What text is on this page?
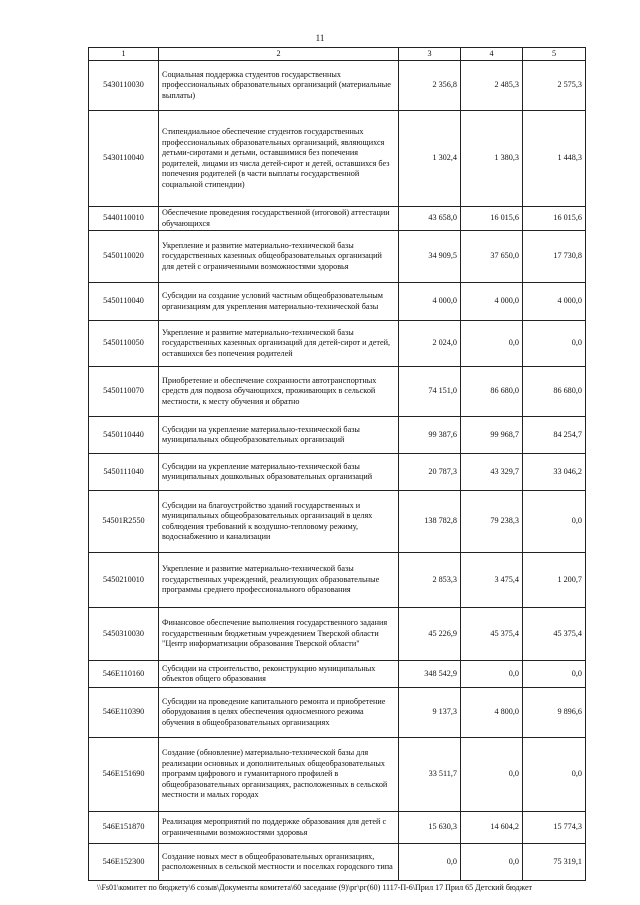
11
1	2	3	4	5
5430110030	Социальная поддержка студентов государственных профессиональных образовательных организаций (материальные выплаты)	2 356,8	2 485,3	2 575,3
5430110040	Стипендиальное обеспечение студентов государственных профессиональных образовательных организаций, являющихся детьми-сиротами и детьми, оставшимися без попечения родителей, лицами из числа детей-сирот и детей, оставшихся без попечения родителей (в части выплаты государственной социальной стипендии)	1 302,4	1 380,3	1 448,3
5440110010	Обеспечение проведения государственной (итоговой) аттестации обучающихся	43 658,0	16 015,6	16 015,6
5450110020	Укрепление и развитие материально-технической базы государственных казенных общеобразовательных организаций для детей с ограниченными возможностями здоровья	34 909,5	37 650,0	17 730,8
5450110040	Субсидии на создание условий частным общеобразовательным организациям для укрепления материально-технической базы	4 000,0	4 000,0	4 000,0
5450110050	Укрепление и развитие материально-технической базы государственных казенных организаций для детей-сирот и детей, оставшихся без попечения родителей	2 024,0	0,0	0,0
5450110070	Приобретение и обеспечение сохранности автотранспортных средств для подвоза обучающихся, проживающих в сельской местности, к месту обучения и обратно	74 151,0	86 680,0	86 680,0
5450110440	Субсидии на укрепление материально-технической базы муниципальных общеобразовательных организаций	99 387,6	99 968,7	84 254,7
5450111040	Субсидии на укрепление материально-технической базы муниципальных дошкольных образовательных организаций	20 787,3	43 329,7	33 046,2
54501R2550	Субсидии на благоустройство зданий государственных и муниципальных общеобразовательных организаций в целях соблюдения требований к воздушно-тепловому режиму, водоснабжению и канализации	138 782,8	79 238,3	0,0
5450210010	Укрепление и развитие материально-технической базы государственных учреждений, реализующих образовательные программы среднего профессионального образования	2 853,3	3 475,4	1 200,7
5450310030	Финансовое обеспечение выполнения государственного задания государственным бюджетным учреждением Тверской области "Центр информатизации образования Тверской области"	45 226,9	45 375,4	45 375,4
546E110160	Субсидии на строительство, реконструкцию муниципальных объектов общего образования	348 542,9	0,0	0,0
546E110390	Субсидии на проведение капитального ремонта и приобретение оборудования в целях обеспечения односменного режима обучения в общеобразовательных организациях	9 137,3	4 800,0	9 896,6
546E151690	Создание (обновление) материально-технической базы для реализации основных и дополнительных общеобразовательных программ цифрового и гуманитарного профилей в общеобразовательных организациях, расположенных в сельской местности и малых городах	33 511,7	0,0	0,0
546E151870	Реализация мероприятий по поддержке образования для детей с ограниченными возможностями здоровья	15 630,3	14 604,2	15 774,3
546E152300	Создание новых мест в общеобразовательных организациях, расположенных в сельской местности и поселках городского типа	0,0	0,0	75 319,1
\\Fs01\комитет по бюджету\6 созыв\Документы комитета\60 заседание (9)\рг\рг(60) 1117-П-6\Прил 17 Прил 65 Детский бюджет
